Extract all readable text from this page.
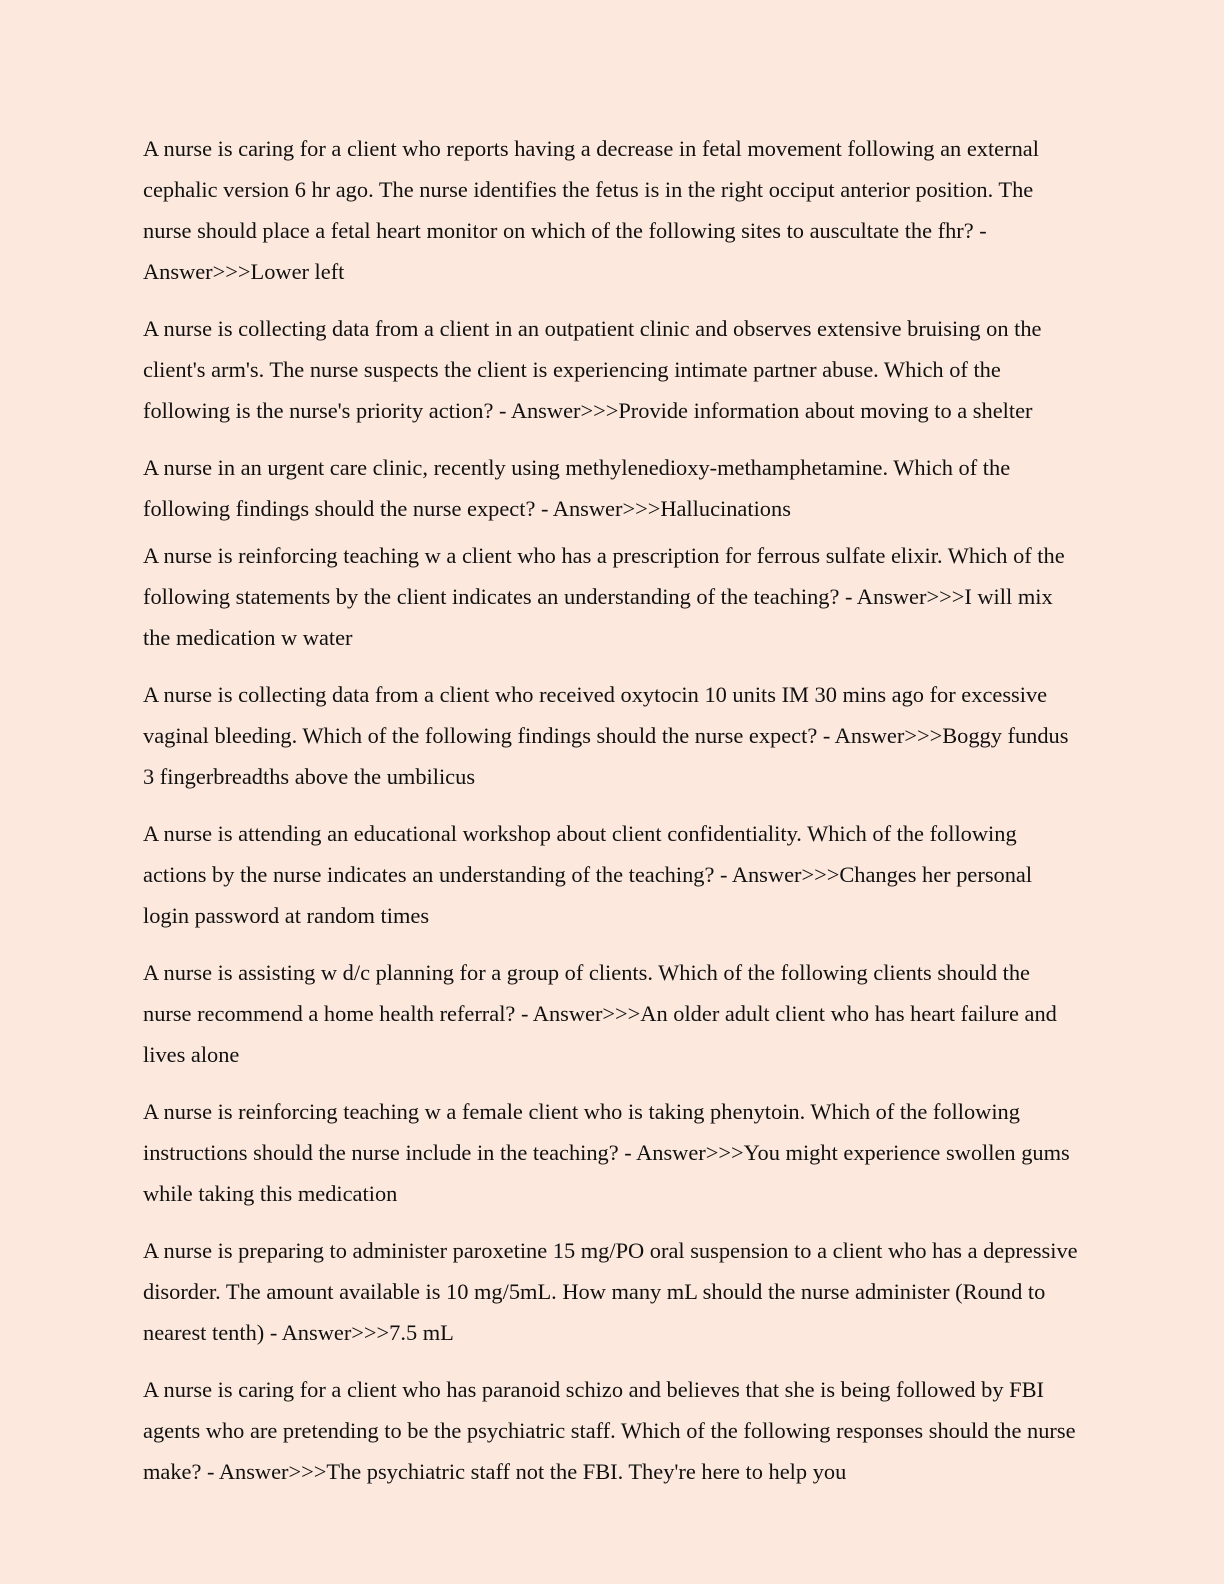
A nurse is caring for a client who reports having a decrease in fetal movement following an external cephalic version 6 hr ago. The nurse identifies the fetus is in the right occiput anterior position. The nurse should place a fetal heart monitor on which of the following sites to auscultate the fhr? - Answer>>>Lower left

A nurse is collecting data from a client in an outpatient clinic and observes extensive bruising on the client's arm's. The nurse suspects the client is experiencing intimate partner abuse. Which of the following is the nurse's priority action? - Answer>>>Provide information about moving to a shelter

A nurse in an urgent care clinic, recently using methylenedioxy-methamphetamine. Which of the following findings should the nurse expect? - Answer>>>Hallucinations

A nurse is reinforcing teaching w a client who has a prescription for ferrous sulfate elixir. Which of the following statements by the client indicates an understanding of the teaching? - Answer>>>I will mix the medication w water

A nurse is collecting data from a client who received oxytocin 10 units IM 30 mins ago for excessive vaginal bleeding. Which of the following findings should the nurse expect? - Answer>>>Boggy fundus 3 fingerbreadths above the umbilicus

A nurse is attending an educational workshop about client confidentiality. Which of the following actions by the nurse indicates an understanding of the teaching? - Answer>>>Changes her personal login password at random times

A nurse is assisting w d/c planning for a group of clients. Which of the following clients should the nurse recommend a home health referral? - Answer>>>An older adult client who has heart failure and lives alone

A nurse is reinforcing teaching w a female client who is taking phenytoin. Which of the following instructions should the nurse include in the teaching? - Answer>>>You might experience swollen gums while taking this medication

A nurse is preparing to administer paroxetine 15 mg/PO oral suspension to a client who has a depressive disorder. The amount available is 10 mg/5mL. How many mL should the nurse administer (Round to nearest tenth) - Answer>>>7.5 mL

A nurse is caring for a client who has paranoid schizo and believes that she is being followed by FBI agents who are pretending to be the psychiatric staff. Which of the following responses should the nurse make? - Answer>>>The psychiatric staff not the FBI. They're here to help you
